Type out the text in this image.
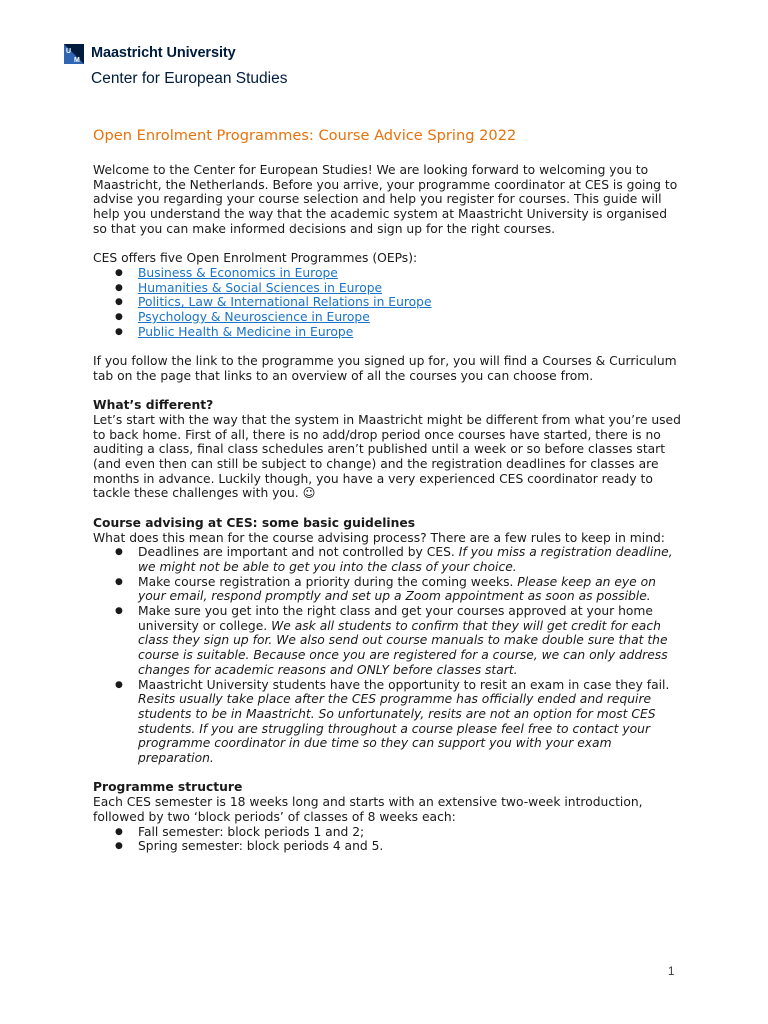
U
M Maastricht University
Center for European Studies
Open Enrolment Programmes: Course Advice Spring 2022

Welcome to the Center for European Studies! We are looking forward to welcoming you to Maastricht, the Netherlands. Before you arrive, your programme coordinator at CES is going to advise you regarding your course selection and help you register for courses. This guide will help you understand the way that the academic system at Maastricht University is organised so that you can make informed decisions and sign up for the right courses.

CES offers five Open Enrolment Programmes (OEPs):

● Business & Economics in Europe
● Humanities & Social Sciences in Europe
● Politics, Law & International Relations in Europe
● Psychology & Neuroscience in Europe
● Public Health & Medicine in Europe

If you follow the link to the programme you signed up for, you will find a Courses & Curriculum tab on the page that links to an overview of all the courses you can choose from.

What’s different?

Let’s start with the way that the system in Maastricht might be different from what you’re used to back home. First of all, there is no add/drop period once courses have started, there is no auditing a class, final class schedules aren’t published until a week or so before classes start (and even then can still be subject to change) and the registration deadlines for classes are months in advance. Luckily though, you have a very experienced CES coordinator ready to tackle these challenges with you. ☺

Course advising at CES: some basic guidelines

What does this mean for the course advising process? There are a few rules to keep in mind:

● Deadlines are important and not controlled by CES. If you miss a registration deadline, we might not be able to get you into the class of your choice.
● Make course registration a priority during the coming weeks. Please keep an eye on your email, respond promptly and set up a Zoom appointment as soon as possible.
● Make sure you get into the right class and get your courses approved at your home university or college. We ask all students to confirm that they will get credit for each class they sign up for. We also send out course manuals to make double sure that the course is suitable. Because once you are registered for a course, we can only address changes for academic reasons and ONLY before classes start.
● Maastricht University students have the opportunity to resit an exam in case they fail. Resits usually take place after the CES programme has officially ended and require students to be in Maastricht. So unfortunately, resits are not an option for most CES students. If you are struggling throughout a course please feel free to contact your programme coordinator in due time so they can support you with your exam preparation.
Programme structure

Each CES semester is 18 weeks long and starts with an extensive two-week introduction, followed by two ‘block periods’ of classes of 8 weeks each:

● Fall semester: block periods 1 and 2;
● Spring semester: block periods 4 and 5.
1
